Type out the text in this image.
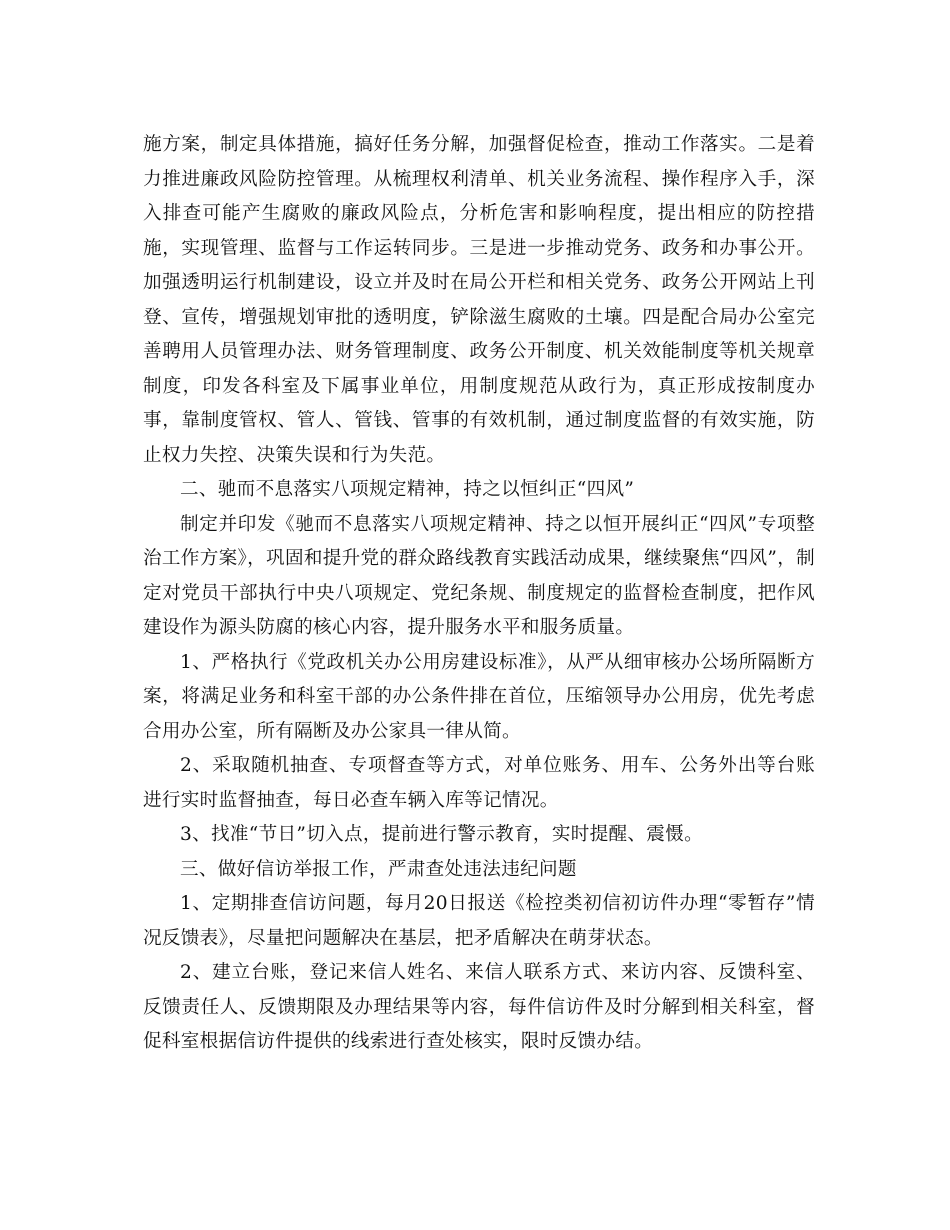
施方案，制定具体措施，搞好任务分解，加强督促检查，推动工作落实。二是着力推进廉政风险防控管理。从梳理权利清单、机关业务流程、操作程序入手，深入排查可能产生腐败的廉政风险点，分析危害和影响程度，提出相应的防控措施，实现管理、监督与工作运转同步。三是进一步推动党务、政务和办事公开。加强透明运行机制建设，设立并及时在局公开栏和相关党务、政务公开网站上刊登、宣传，增强规划审批的透明度，铲除滋生腐败的土壤。四是配合局办公室完善聘用人员管理办法、财务管理制度、政务公开制度、机关效能制度等机关规章制度，印发各科室及下属事业单位，用制度规范从政行为，真正形成按制度办事，靠制度管权、管人、管钱、管事的有效机制，通过制度监督的有效实施，防止权力失控、决策失误和行为失范。

二、驰而不息落实八项规定精神，持之以恒纠正“四风”

制定并印发《驰而不息落实八项规定精神、持之以恒开展纠正“四风”专项整治工作方案》，巩固和提升党的群众路线教育实践活动成果，继续聚焦“四风”，制定对党员干部执行中央八项规定、党纪条规、制度规定的监督检查制度，把作风建设作为源头防腐的核心内容，提升服务水平和服务质量。

1、严格执行《党政机关办公用房建设标准》，从严从细审核办公场所隔断方案，将满足业务和科室干部的办公条件排在首位，压缩领导办公用房，优先考虑合用办公室，所有隔断及办公家具一律从简。

2、采取随机抽查、专项督查等方式，对单位账务、用车、公务外出等台账进行实时监督抽查，每日必查车辆入库等记情况。

3、找准“节日”切入点，提前进行警示教育，实时提醒、震慑。

三、做好信访举报工作，严肃查处违法违纪问题

1、定期排查信访问题，每月20日报送《检控类初信初访件办理“零暂存”情况反馈表》，尽量把问题解决在基层，把矛盾解决在萌芽状态。

2、建立台账，登记来信人姓名、来信人联系方式、来访内容、反馈科室、反馈责任人、反馈期限及办理结果等内容，每件信访件及时分解到相关科室，督促科室根据信访件提供的线索进行查处核实，限时反馈办结。
